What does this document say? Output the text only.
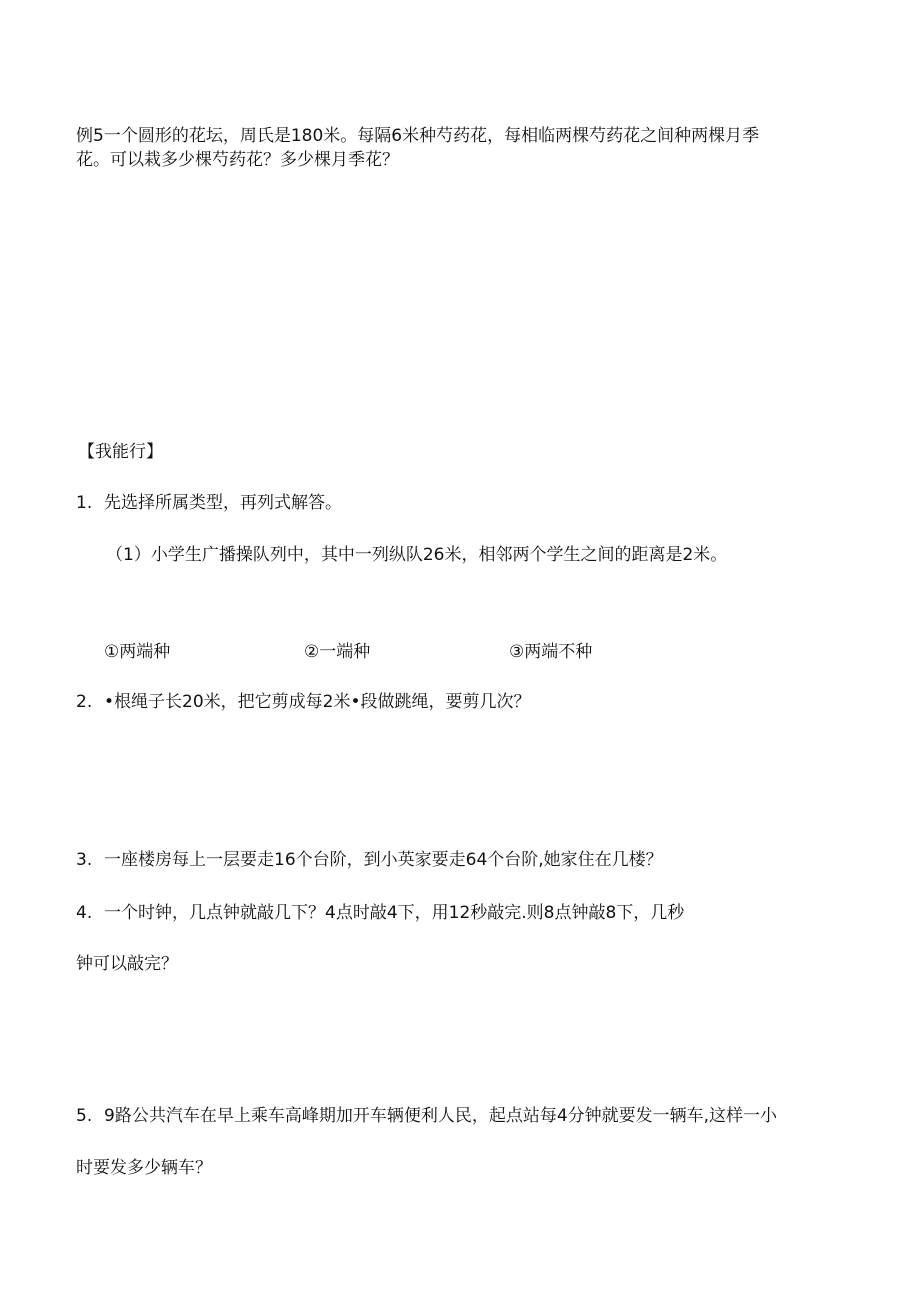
例5一个圆形的花坛，周氏是180米。每隔6米种芍药花，每相临两棵芍药花之间种两棵月季
花。可以栽多少棵芍药花？多少棵月季花？
【我能行】
1. 先选择所属类型，再列式解答。
（1）小学生广播操队列中，其中一列纵队26米，相邻两个学生之间的距离是2米。
①两端种	②一端种	③两端不种
2. •根绳子长20米，把它剪成每2米•段做跳绳，要剪几次？
3. 一座楼房每上一层要走16个台阶，到小英家要走64个台阶,她家住在几楼？
4. 一个时钟，几点钟就敲几下？4点时敲4下，用12秒敲完.则8点钟敲8下，几秒
钟可以敲完？
5. 9路公共汽车在早上乘车高峰期加开车辆便利人民，起点站每4分钟就要发一辆车,这样一小
时要发多少辆车？
